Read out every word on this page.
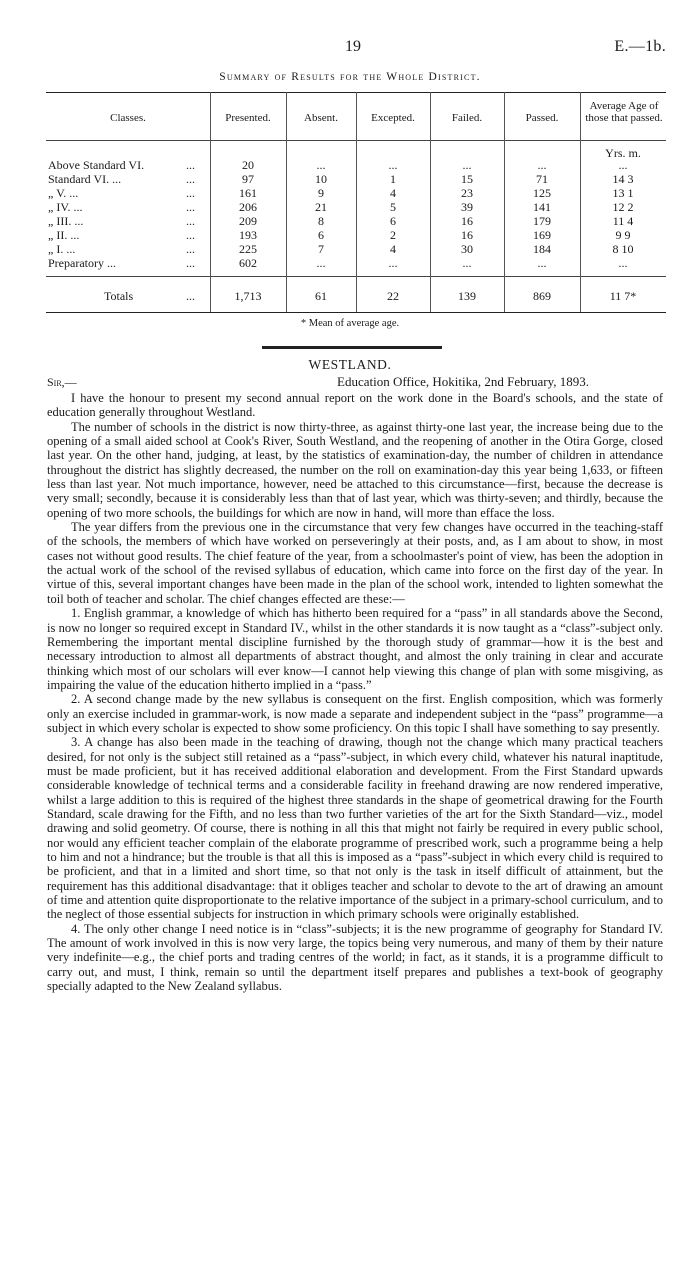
19	E.—1b.
Summary of Results for the Whole District.
Classes.	Presented.	Absent.	Excepted.	Failed.	Passed.
Average Age of those that passed.
Yrs. m.
Above Standard VI.	...	20	...	...	...	...	...
Standard VI. ...	...	97	10	1	15	71	14 3
„ V. ...	...	161	9	4	23	125	13 1
„ IV. ...	...	206	21	5	39	141	12 2
„ III. ...	...	209	8	6	16	179	11 4
„ II. ...	...	193	6	2	16	169	9 9
„ I. ...	...	225	7	4	30	184	8 10
Preparatory ...	...	602	...	...	...	...	...
Totals	...	1,713	61	22	139	869	11 7*
* Mean of average age.
WESTLAND.
Sir,—	Education Office, Hokitika, 2nd February, 1893.

I have the honour to present my second annual report on the work done in the Board's schools, and the state of education generally throughout Westland.

The number of schools in the district is now thirty-three, as against thirty-one last year, the increase being due to the opening of a small aided school at Cook's River, South Westland, and the reopening of another in the Otira Gorge, closed last year. On the other hand, judging, at least, by the statistics of examination-day, the number of children in attendance throughout the district has slightly decreased, the number on the roll on examination-day this year being 1,633, or fifteen less than last year. Not much importance, however, need be attached to this circumstance—first, because the decrease is very small; secondly, because it is considerably less than that of last year, which was thirty-seven; and thirdly, because the opening of two more schools, the buildings for which are now in hand, will more than efface the loss.

The year differs from the previous one in the circumstance that very few changes have occurred in the teaching-staff of the schools, the members of which have worked on perseveringly at their posts, and, as I am about to show, in most cases not without good results. The chief feature of the year, from a schoolmaster's point of view, has been the adoption in the actual work of the school of the revised syllabus of education, which came into force on the first day of the year. In virtue of this, several important changes have been made in the plan of the school work, intended to lighten somewhat the toil both of teacher and scholar. The chief changes effected are these:—

1. English grammar, a knowledge of which has hitherto been required for a “pass” in all standards above the Second, is now no longer so required except in Standard IV., whilst in the other standards it is now taught as a “class”-subject only. Remembering the important mental discipline furnished by the thorough study of grammar—how it is the best and necessary introduction to almost all departments of abstract thought, and almost the only training in clear and accurate thinking which most of our scholars will ever know—I cannot help viewing this change of plan with some misgiving, as impairing the value of the education hitherto implied in a “pass.”

2. A second change made by the new syllabus is consequent on the first. English composition, which was formerly only an exercise included in grammar-work, is now made a separate and independent subject in the “pass” programme—a subject in which every scholar is expected to show some proficiency. On this topic I shall have something to say presently.

3. A change has also been made in the teaching of drawing, though not the change which many practical teachers desired, for not only is the subject still retained as a “pass”-subject, in which every child, whatever his natural inaptitude, must be made proficient, but it has received additional elaboration and development. From the First Standard upwards considerable knowledge of technical terms and a considerable facility in freehand drawing are now rendered imperative, whilst a large addition to this is required of the highest three standards in the shape of geometrical drawing for the Fourth Standard, scale drawing for the Fifth, and no less than two further varieties of the art for the Sixth Standard—viz., model drawing and solid geometry. Of course, there is nothing in all this that might not fairly be required in every public school, nor would any efficient teacher complain of the elaborate programme of prescribed work, such a programme being a help to him and not a hindrance; but the trouble is that all this is imposed as a “pass”-subject in which every child is required to be proficient, and that in a limited and short time, so that not only is the task in itself difficult of attainment, but the requirement has this additional disadvantage: that it obliges teacher and scholar to devote to the art of drawing an amount of time and attention quite disproportionate to the relative importance of the subject in a primary-school curriculum, and to the neglect of those essential subjects for instruction in which primary schools were originally established.

4. The only other change I need notice is in “class”-subjects; it is the new programme of geography for Standard IV. The amount of work involved in this is now very large, the topics being very numerous, and many of them by their nature very indefinite—e.g., the chief ports and trading centres of the world; in fact, as it stands, it is a programme difficult to carry out, and must, I think, remain so until the department itself prepares and publishes a text-book of geography specially adapted to the New Zealand syllabus.
